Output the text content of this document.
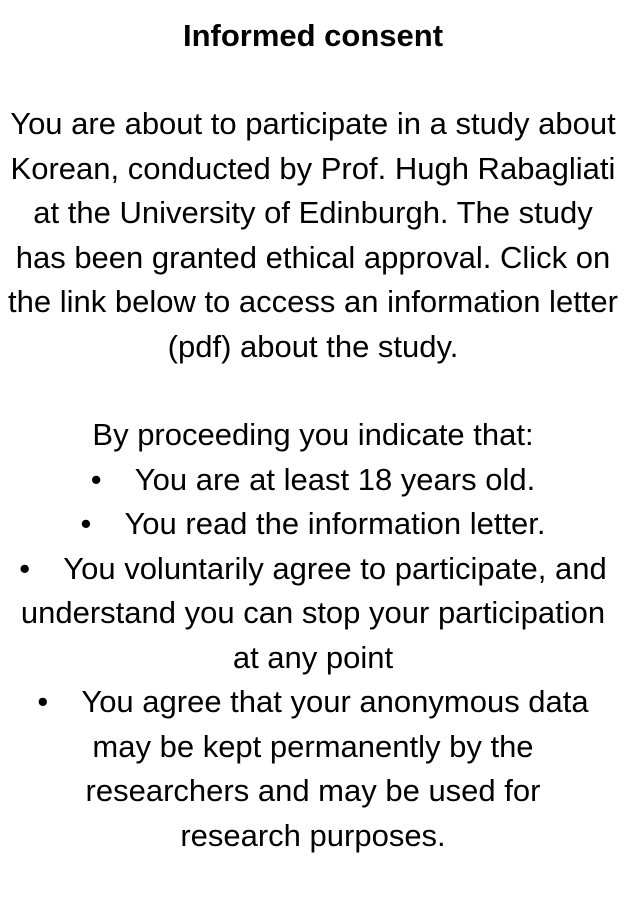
Informed consent

You are about to participate in a study about Korean, conducted by Prof. Hugh Rabagliati at the University of Edinburgh. The study has been granted ethical approval. Click on the link below to access an information letter (pdf) about the study.

By proceeding you indicate that:

• You are at least 18 years old.
• You read the information letter.
• You voluntarily agree to participate, and understand you can stop your participation at any point
• You agree that your anonymous data may be kept permanently by the researchers and may be used for research purposes.
